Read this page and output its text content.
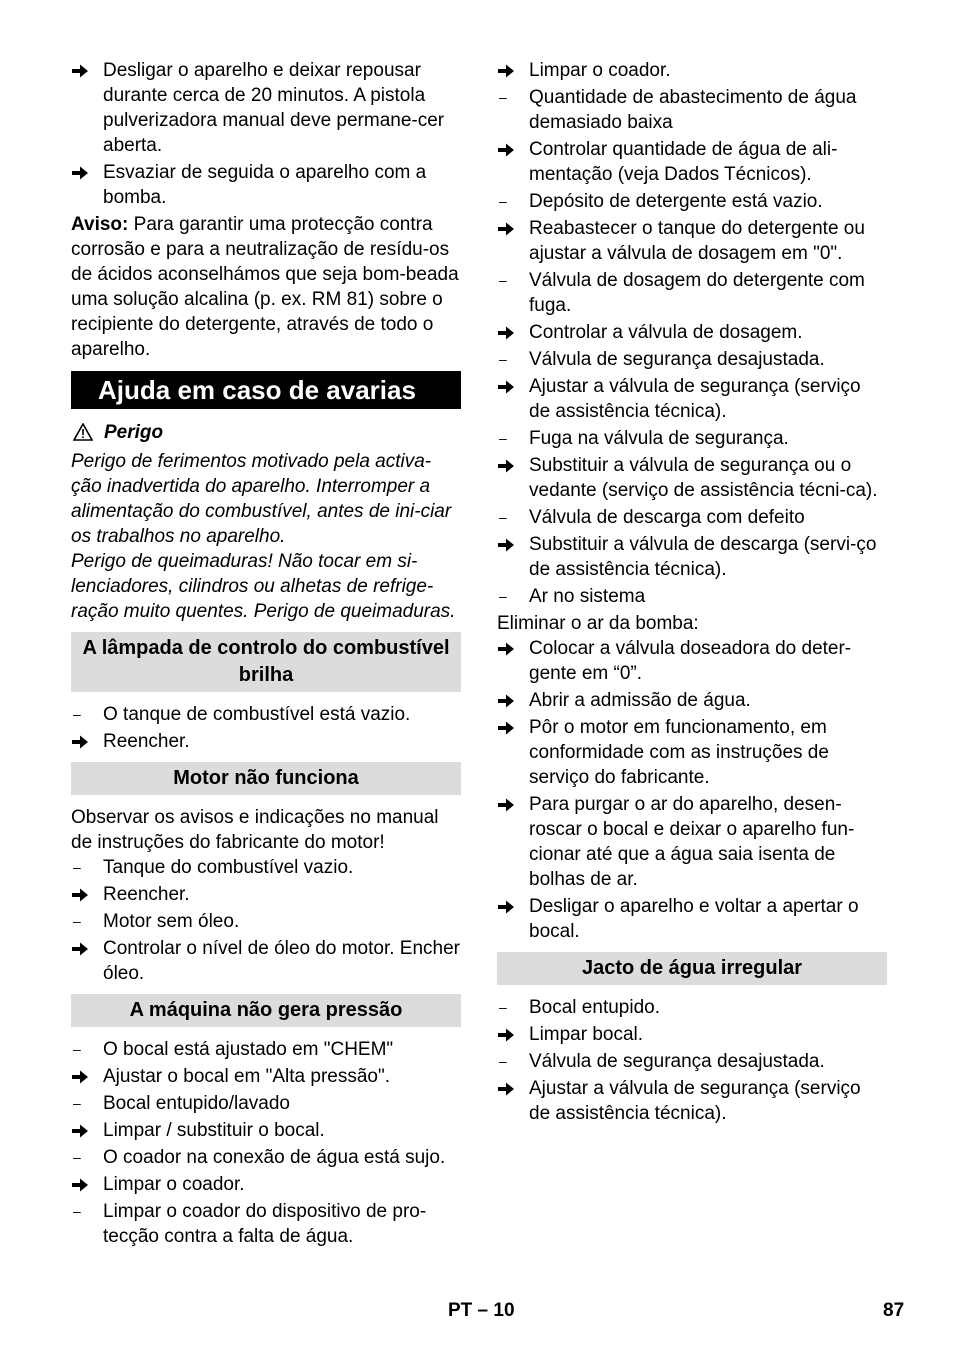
Desligar o aparelho e deixar repousar durante cerca de 20 minutos. A pistola pulverizadora manual deve permane-cer aberta.
Esvaziar de seguida o aparelho com a bomba.
Aviso: Para garantir uma protecção contra corrosão e para a neutralização de resídu-os de ácidos aconselhámos que seja bom-beada uma solução alcalina (p. ex. RM 81) sobre o recipiente do detergente, através de todo o aparelho.
Ajuda em caso de avarias
Perigo
Perigo de ferimentos motivado pela activa-ção inadvertida do aparelho. Interromper a alimentação do combustível, antes de ini-ciar os trabalhos no aparelho.
Perigo de queimaduras! Não tocar em si-lenciadores, cilindros ou alhetas de refrige-ração muito quentes. Perigo de queimaduras.
A lâmpada de controlo do combustível brilha
–	O tanque de combustível está vazio.
Reencher.
Motor não funciona
Observar os avisos e indicações no manual de instruções do fabricante do motor!
–	Tanque do combustível vazio.
Reencher.
–	Motor sem óleo.
Controlar o nível de óleo do motor. Encher óleo.
A máquina não gera pressão
–	O bocal está ajustado em "CHEM"
Ajustar o bocal em "Alta pressão".
–	Bocal entupido/lavado
Limpar / substituir o bocal.
–	O coador na conexão de água está sujo.
Limpar o coador.
–	Limpar o coador do dispositivo de pro-tecção contra a falta de água.
Limpar o coador.
–	Quantidade de abastecimento de água demasiado baixa
Controlar quantidade de água de ali-mentação (veja Dados Técnicos).
–	Depósito de detergente está vazio.
Reabastecer o tanque do detergente ou ajustar a válvula de dosagem em "0".
–	Válvula de dosagem do detergente com fuga.
Controlar a válvula de dosagem.
–	Válvula de segurança desajustada.
Ajustar a válvula de segurança (serviço de assistência técnica).
–	Fuga na válvula de segurança.
Substituir a válvula de segurança ou o vedante (serviço de assistência técni-ca).
–	Válvula de descarga com defeito
Substituir a válvula de descarga (servi-ço de assistência técnica).
–	Ar no sistema
Eliminar o ar da bomba:
Colocar a válvula doseadora do deter-gente em “0”.
Abrir a admissão de água.
Pôr o motor em funcionamento, em conformidade com as instruções de serviço do fabricante.
Para purgar o ar do aparelho, desen-roscar o bocal e deixar o aparelho fun-cionar até que a água saia isenta de bolhas de ar.
Desligar o aparelho e voltar a apertar o bocal.
Jacto de água irregular
–	Bocal entupido.
Limpar bocal.
–	Válvula de segurança desajustada.
Ajustar a válvula de segurança (serviço de assistência técnica).
PT – 10	87
